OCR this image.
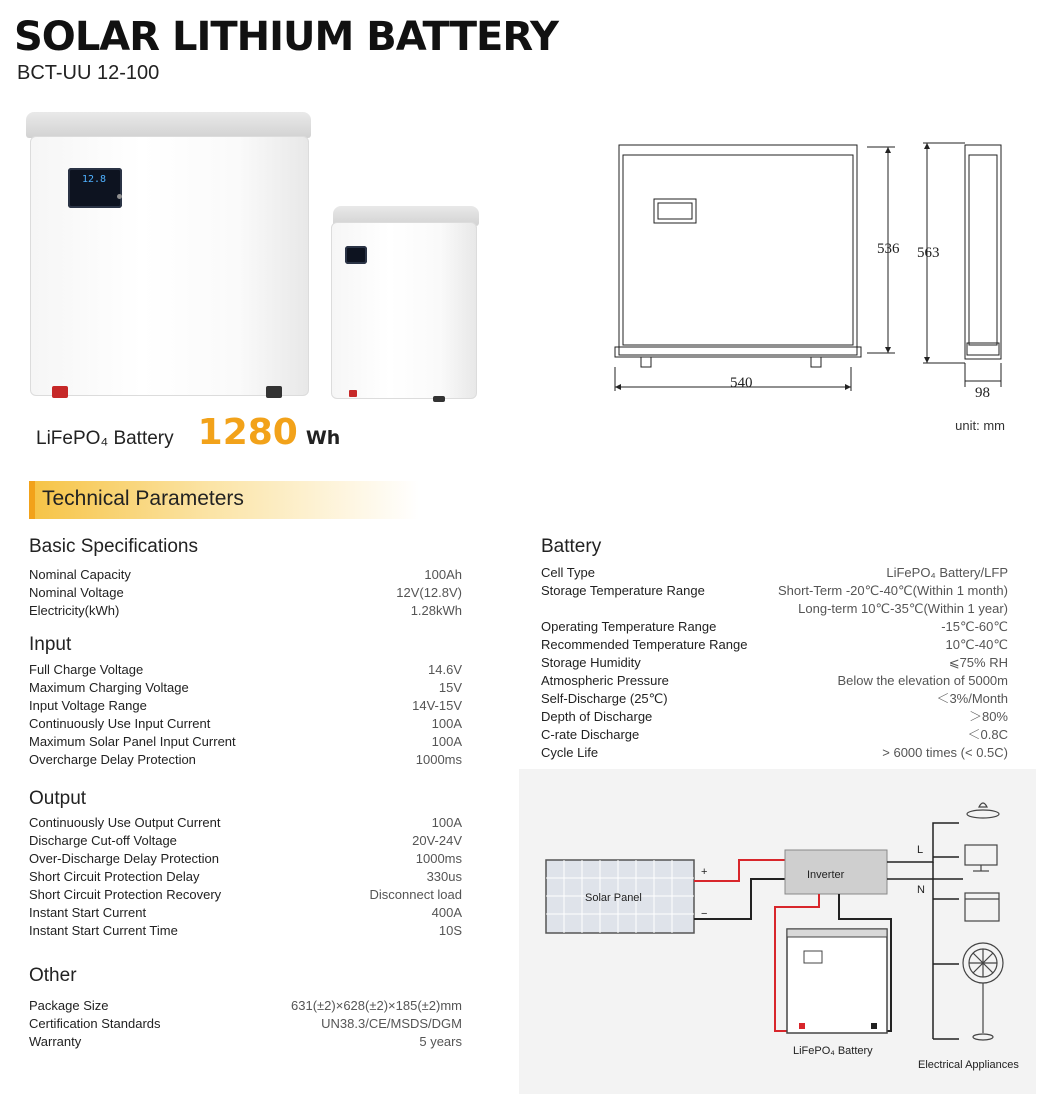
SOLAR LITHIUM BATTERY
BCT-UU 12-100
12.8
LiFePO₄ Battery 1280 Wh
540
536 563
98
unit: mm
Technical Parameters
Basic Specifications
Nominal Capacity	100Ah
Nominal Voltage	12V(12.8V)
Electricity(kWh)	1.28kWh
Input
Full Charge Voltage	14.6V
Maximum Charging Voltage	15V
Input Voltage Range	14V-15V
Continuously Use Input Current	100A
Maximum Solar Panel Input Current	100A
Overcharge Delay Protection	1000ms
Output
Continuously Use Output Current	100A
Discharge Cut-off Voltage	20V-24V
Over-Discharge Delay Protection	1000ms
Short Circuit Protection Delay	330us
Short Circuit Protection Recovery	Disconnect load
Instant Start Current	400A
Instant Start Current Time	10S
Other
Package Size	631(±2)×628(±2)×185(±2)mm
Certification Standards	UN38.3/CE/MSDS/DGM
Warranty	5 years
Battery
Cell Type	LiFePO₄ Battery/LFP
Storage Temperature Range	Short-Term -20℃-40℃(Within 1 month)
Long-term 10℃-35℃(Within 1 year)
Operating Temperature Range	-15℃-60℃
Recommended Temperature Range	10℃-40℃
Storage Humidity	⩽75% RH
Atmospheric Pressure	Below the elevation of 5000m
Self-Discharge (25℃)	＜3%/Month
Depth of Discharge	＞80%
C-rate Discharge	＜0.8C
Cycle Life	> 6000 times (< 0.5C)
Solar Panel
+
−
Inverter
LiFePO₄ Battery
L
N
Electrical Appliances
